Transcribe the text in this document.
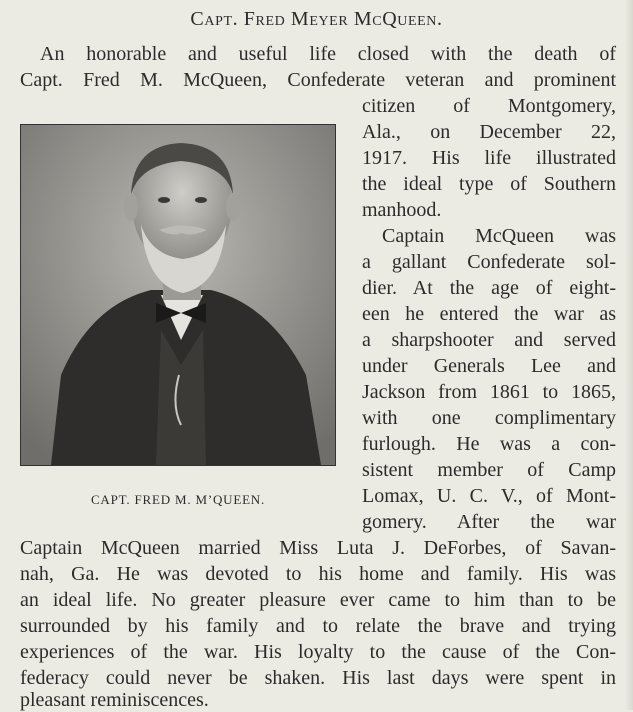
Capt. Fred Meyer McQueen.
An honorable and useful life closed with the death of
Capt. Fred M. McQueen, Confederate veteran and prominent
citizen of Montgomery,
Ala., on December 22,
1917. His life illustrated
the ideal type of Southern
manhood.
Captain McQueen was
a gallant Confederate sol-
dier. At the age of eight-
een he entered the war as
a sharpshooter and served
under Generals Lee and
Jackson from 1861 to 1865,
with one complimentary
furlough. He was a con-
sistent member of Camp
Lomax, U. C. V., of Mont-
gomery. After the war
Captain McQueen married Miss Luta J. DeForbes, of Savan-
nah, Ga. He was devoted to his home and family. His was
an ideal life. No greater pleasure ever came to him than to be
surrounded by his family and to relate the brave and trying
experiences of the war. His loyalty to the cause of the Con-
federacy could never be shaken. His last days were spent in
pleasant reminiscences.
CAPT. FRED M. M’QUEEN.
